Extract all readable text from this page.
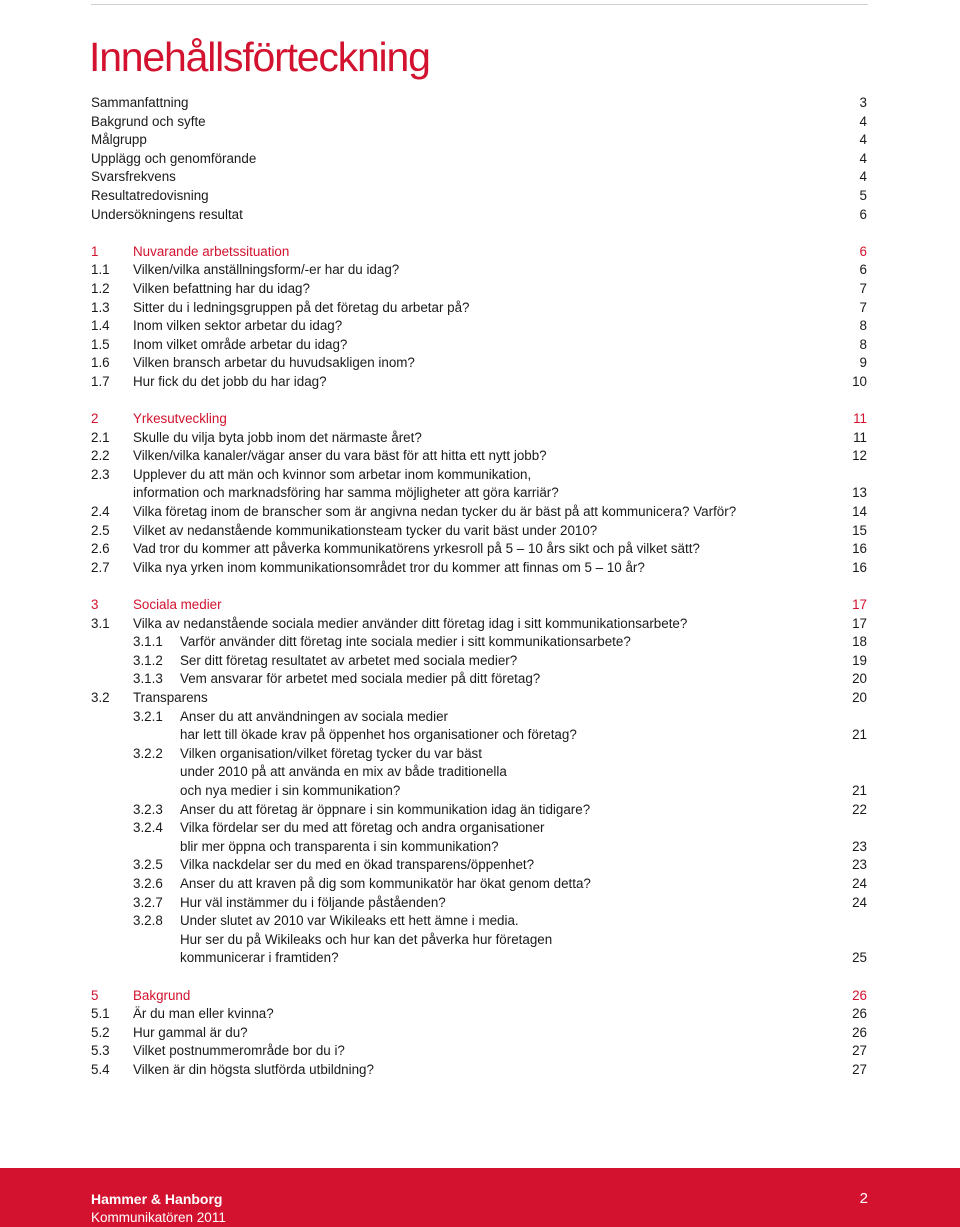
Innehållsförteckning
Sammanfattning	3
Bakgrund och syfte	4
Målgrupp	4
Upplägg och genomförande	4
Svarsfrekvens	4
Resultatredovisning	5
Undersökningens resultat	6
1	Nuvarande arbetssituation	6
1.1 Vilken/vilka anställningsform/-er har du idag?	6
1.2 Vilken befattning har du idag?	7
1.3 Sitter du i ledningsgruppen på det företag du arbetar på?	7
1.4 Inom vilken sektor arbetar du idag?	8
1.5 Inom vilket område arbetar du idag?	8
1.6 Vilken bransch arbetar du huvudsakligen inom?	9
1.7 Hur fick du det jobb du har idag?	10
2	Yrkesutveckling	11
2.1 Skulle du vilja byta jobb inom det närmaste året?	11
2.2 Vilken/vilka kanaler/vägar anser du vara bäst för att hitta ett nytt jobb?	12
2.3 Upplever du att män och kvinnor som arbetar inom kommunikation,
information och marknadsföring har samma möjligheter att göra karriär?	13
2.4 Vilka företag inom de branscher som är angivna nedan tycker du är bäst på att kommunicera? Varför?	14
2.5 Vilket av nedanstående kommunikationsteam tycker du varit bäst under 2010?	15
2.6 Vad tror du kommer att påverka kommunikatörens yrkesroll på 5 – 10 års sikt och på vilket sätt?	16
2.7 Vilka nya yrken inom kommunikationsområdet tror du kommer att finnas om 5 – 10 år?	16
3	Sociala medier	17
3.1 Vilka av nedanstående sociala medier använder ditt företag idag i sitt kommunikationsarbete?	17
3.1.1 Varför använder ditt företag inte sociala medier i sitt kommunikationsarbete?	18
3.1.2 Ser ditt företag resultatet av arbetet med sociala medier?	19
3.1.3 Vem ansvarar för arbetet med sociala medier på ditt företag?	20
3.2 Transparens	20
3.2.1 Anser du att användningen av sociala medier
har lett till ökade krav på öppenhet hos organisationer och företag?	21
3.2.2 Vilken organisation/vilket företag tycker du var bäst
under 2010 på att använda en mix av både traditionella
och nya medier i sin kommunikation?	21
3.2.3 Anser du att företag är öppnare i sin kommunikation idag än tidigare?	22
3.2.4 Vilka fördelar ser du med att företag och andra organisationer
blir mer öppna och transparenta i sin kommunikation?	23
3.2.5 Vilka nackdelar ser du med en ökad transparens/öppenhet?	23
3.2.6 Anser du att kraven på dig som kommunikatör har ökat genom detta?	24
3.2.7 Hur väl instämmer du i följande påståenden?	24
3.2.8 Under slutet av 2010 var Wikileaks ett hett ämne i media.
Hur ser du på Wikileaks och hur kan det påverka hur företagen
kommunicerar i framtiden?	25
5	Bakgrund	26
5.1 Är du man eller kvinna?	26
5.2 Hur gammal är du?	26
5.3 Vilket postnummerområde bor du i?	27
5.4 Vilken är din högsta slutförda utbildning?	27
Hammer & Hanborg
Kommunikatören 2011
2
